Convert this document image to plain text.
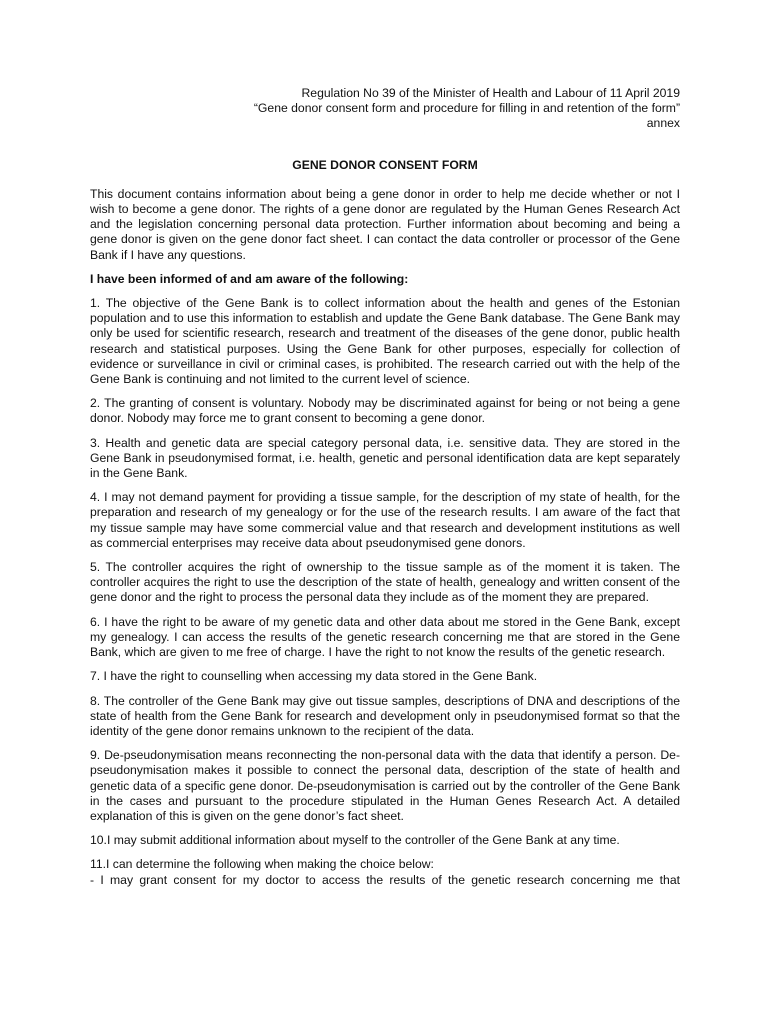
Regulation No 39 of the Minister of Health and Labour of 11 April 2019
“Gene donor consent form and procedure for filling in and retention of the form”
annex
GENE DONOR CONSENT FORM

This document contains information about being a gene donor in order to help me decide whether or not I wish to become a gene donor. The rights of a gene donor are regulated by the Human Genes Research Act and the legislation concerning personal data protection. Further information about becoming and being a gene donor is given on the gene donor fact sheet. I can contact the data controller or processor of the Gene Bank if I have any questions.

I have been informed of and am aware of the following:

1. The objective of the Gene Bank is to collect information about the health and genes of the Estonian population and to use this information to establish and update the Gene Bank database. The Gene Bank may only be used for scientific research, research and treatment of the diseases of the gene donor, public health research and statistical purposes. Using the Gene Bank for other purposes, especially for collection of evidence or surveillance in civil or criminal cases, is prohibited. The research carried out with the help of the Gene Bank is continuing and not limited to the current level of science.

2. The granting of consent is voluntary. Nobody may be discriminated against for being or not being a gene donor. Nobody may force me to grant consent to becoming a gene donor.

3. Health and genetic data are special category personal data, i.e. sensitive data. They are stored in the Gene Bank in pseudonymised format, i.e. health, genetic and personal identification data are kept separately in the Gene Bank.

4. I may not demand payment for providing a tissue sample, for the description of my state of health, for the preparation and research of my genealogy or for the use of the research results. I am aware of the fact that my tissue sample may have some commercial value and that research and development institutions as well as commercial enterprises may receive data about pseudonymised gene donors.

5. The controller acquires the right of ownership to the tissue sample as of the moment it is taken. The controller acquires the right to use the description of the state of health, genealogy and written consent of the gene donor and the right to process the personal data they include as of the moment they are prepared.

6. I have the right to be aware of my genetic data and other data about me stored in the Gene Bank, except my genealogy. I can access the results of the genetic research concerning me that are stored in the Gene Bank, which are given to me free of charge. I have the right to not know the results of the genetic research.

7. I have the right to counselling when accessing my data stored in the Gene Bank.

8. The controller of the Gene Bank may give out tissue samples, descriptions of DNA and descriptions of the state of health from the Gene Bank for research and development only in pseudonymised format so that the identity of the gene donor remains unknown to the recipient of the data.

9. De-pseudonymisation means reconnecting the non-personal data with the data that identify a person. De-pseudonymisation makes it possible to connect the personal data, description of the state of health and genetic data of a specific gene donor. De-pseudonymisation is carried out by the controller of the Gene Bank in the cases and pursuant to the procedure stipulated in the Human Genes Research Act. A detailed explanation of this is given on the gene donor’s fact sheet.

10.I may submit additional information about myself to the controller of the Gene Bank at any time.

11.I can determine the following when making the choice below:
- I may grant consent for my doctor to access the results of the genetic research concerning me that
